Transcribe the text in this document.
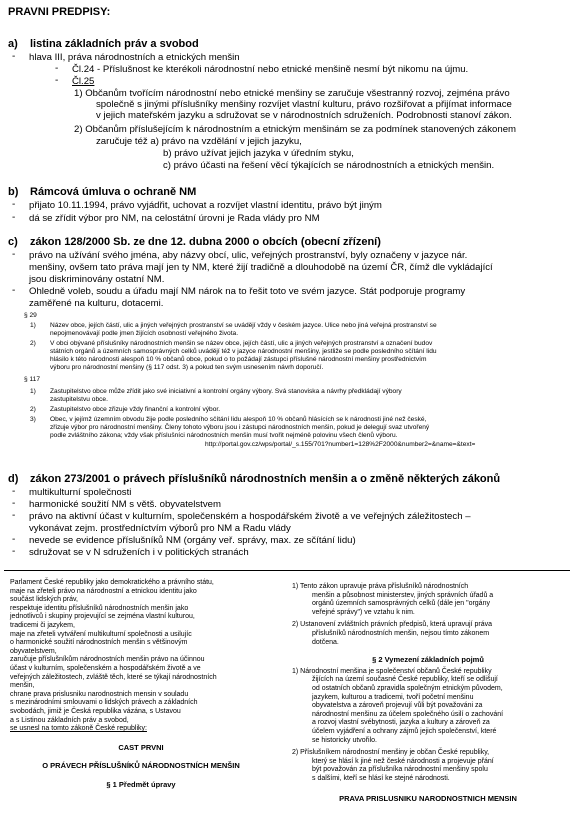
PRAVNI PREDPISY:
a) listina základních práv a svobod
- hlava III, práva národnostních a etnických menšin
- Čl.24 - Příslušnost ke kterékoli národnostní nebo etnické menšině nesmí být nikomu na újmu.
- Čl.25
1) Občanům tvořícím národnostní nebo etnické menšiny se zaručuje všestranný rozvoj, zejména právo
společně s jinými příslušníky menšiny rozvíjet vlastní kulturu, právo rozšiřovat a přijímat informace
v jejich mateřském jazyku a sdružovat se v národnostních sdruženích. Podrobnosti stanoví zákon.
2) Občanům příslušejícím k národnostním a etnickým menšinám se za podmínek stanovených zákonem
zaručuje též a) právo na vzdělání v jejich jazyku,
b) právo užívat jejich jazyka v úředním styku,
c) právo účasti na řešení věcí týkajících se národnostních a etnických menšin.
b) Rámcová úmluva o ochraně NM
- přijato 10.11.1994, právo vyjádřit, uchovat a rozvíjet vlastní identitu, právo být jiným
- dá se zřídit výbor pro NM, na celostátní úrovni je Rada vlády pro NM
c) zákon 128/2000 Sb. ze dne 12. dubna 2000 o obcích (obecní zřízení)
- právo na užívání svého jména, aby názvy obcí, ulic, veřejných prostranství, byly označeny v jazyce nár.
menšiny, ovšem tato práva mají jen ty NM, které žijí tradičně a dlouhodobě na území ČR, čímž dle vykládající
jsou diskriminovány ostatní NM.
- Ohledně voleb, soudu a úřadu mají NM nárok na to řešit toto ve svém jazyce. Stát podporuje programy
zaměřené na kulturu, dotacemi.
§ 29
1) Název obce, jejích částí, ulic a jiných veřejných prostranství se uvádějí vždy v českém jazyce. Ulice nebo jiná veřejná prostranství se
nepojmenovávají podle jmen žijících osobností veřejného života.
2) V obci obývané příslušníky národnostních menšin se název obce, jejích částí, ulic a jiných veřejných prostranství a označení budov
státních orgánů a územních samosprávných celků uvádějí též v jazyce národnostní menšiny, jestliže se podle posledního sčítání lidu
hlásilo k této národnosti alespoň 10 % občanů obce, pokud o to požádají zástupci příslušné národnostní menšiny prostřednictvím
výboru pro národnostní menšiny (§ 117 odst. 3) a pokud ten svým usnesením návrh doporučí.
§ 117
1) Zastupitelstvo obce může zřídit jako své iniciativní a kontrolní orgány výbory. Svá stanoviska a návrhy předkládají výbory
zastupitelstvu obce.
2) Zastupitelstvo obce zřizuje vždy finanční a kontrolní výbor.
3) Obec, v jejímž územním obvodu žije podle posledního sčítání lidu alespoň 10 % občanů hlásících se k národnosti jiné než české,
zřizuje výbor pro národnostní menšiny. Členy tohoto výboru jsou i zástupci národnostních menšin, pokud je delegují svaz utvořený
podle zvláštního zákona; vždy však příslušníci národnostních menšin musí tvořit nejméně polovinu všech členů výboru.
http://portal.gov.cz/wps/portal/_s.155/701?number1=128%2F2000&number2=&name=&text=
d) zákon 273/2001 o právech příslušníků národnostních menšin a o změně některých zákonů
- multikulturní společnosti
- harmonické soužití NM s větš. obyvatelstvem
- právo na aktivní účast v kulturním, společenském a hospodářském životě a ve veřejných záležitostech –
vykonávat zejm. prostředníctvím výborů pro NM a Radu vlády
- nevede se evidence příslušníků NM (orgány veř. správy, max. ze sčítání lidu)
- sdružovat se v N sdruženích i v politických stranách

Parlament České republiky jako demokratického a právního státu,

maje na zřeteli právo na národnostní a etnickou identitu jako

součást lidských práv,

respektuje identitu příslušníků národnostních menšin jako

jednotlivců i skupiny projevující se zejména vlastní kulturou,

tradicemi či jazykem,

maje na zřeteli vytváření multikulturní společnosti a usilujíc

o harmonické soužití národnostních menšin s většinovým

obyvatelstvem,

zaručuje příslušníkům národnostních menšin právo na účinnou

účast v kulturním, společenském a hospodářském životě a ve

veřejných záležitostech, zvláště těch, které se týkají národnostních

menšin,

chrane prava prislusniku narodnostnich mensin v souladu

s mezinárodními smlouvami o lidských právech a základních

svobodách, jimiž je Česká republika vázána, s Ustavou

a s Listinou základních práv a svobod,

se usnesl na tomto zákoně České republiky:

CAST PRVNI

O PRÁVECH PŘÍSLUŠNÍKŮ NÁRODNOSTNÍCH MENŠIN

§ 1 Předmět úpravy

1) Tento zákon upravuje práva příslušníků národnostních

menšin a působnost ministerstev, jiných správních úřadů a

orgánů územních samosprávných celků (dále jen "orgány

veřejné správy") ve vztahu k nim.

2) Ustanovení zvláštních právních předpisů, která upravují práva

příslušníků národnostních menšin, nejsou tímto zákonem

dotčena.

§ 2 Vymezení základních pojmů

1) Národnostní menšina je společenství občanů České republiky

žijících na území současné České republiky, kteří se odlišují

od ostatních občanů zpravidla společným etnickým původem,

jazykem, kulturou a tradicemi, tvoří početní menšinu

obyvatelstva a zároveň projevují vůli být považováni za

národnostní menšinu za účelem společného úsilí o zachování

a rozvoj vlastní svébytnosti, jazyka a kultury a zároveň za

účelem vyjádření a ochrany zájmů jejich společenství, které

se historicky utvořilo.

2) Příslušníkem národnostní menšiny je občan České republiky,

který se hlásí k jiné než české národnosti a projevuje přání

být považován za příslušníka národnostní menšiny spolu

s dalšími, kteří se hlásí ke stejné národnosti.

PRAVA PRISLUSNIKU NARODNOSTNICH MENSIN
